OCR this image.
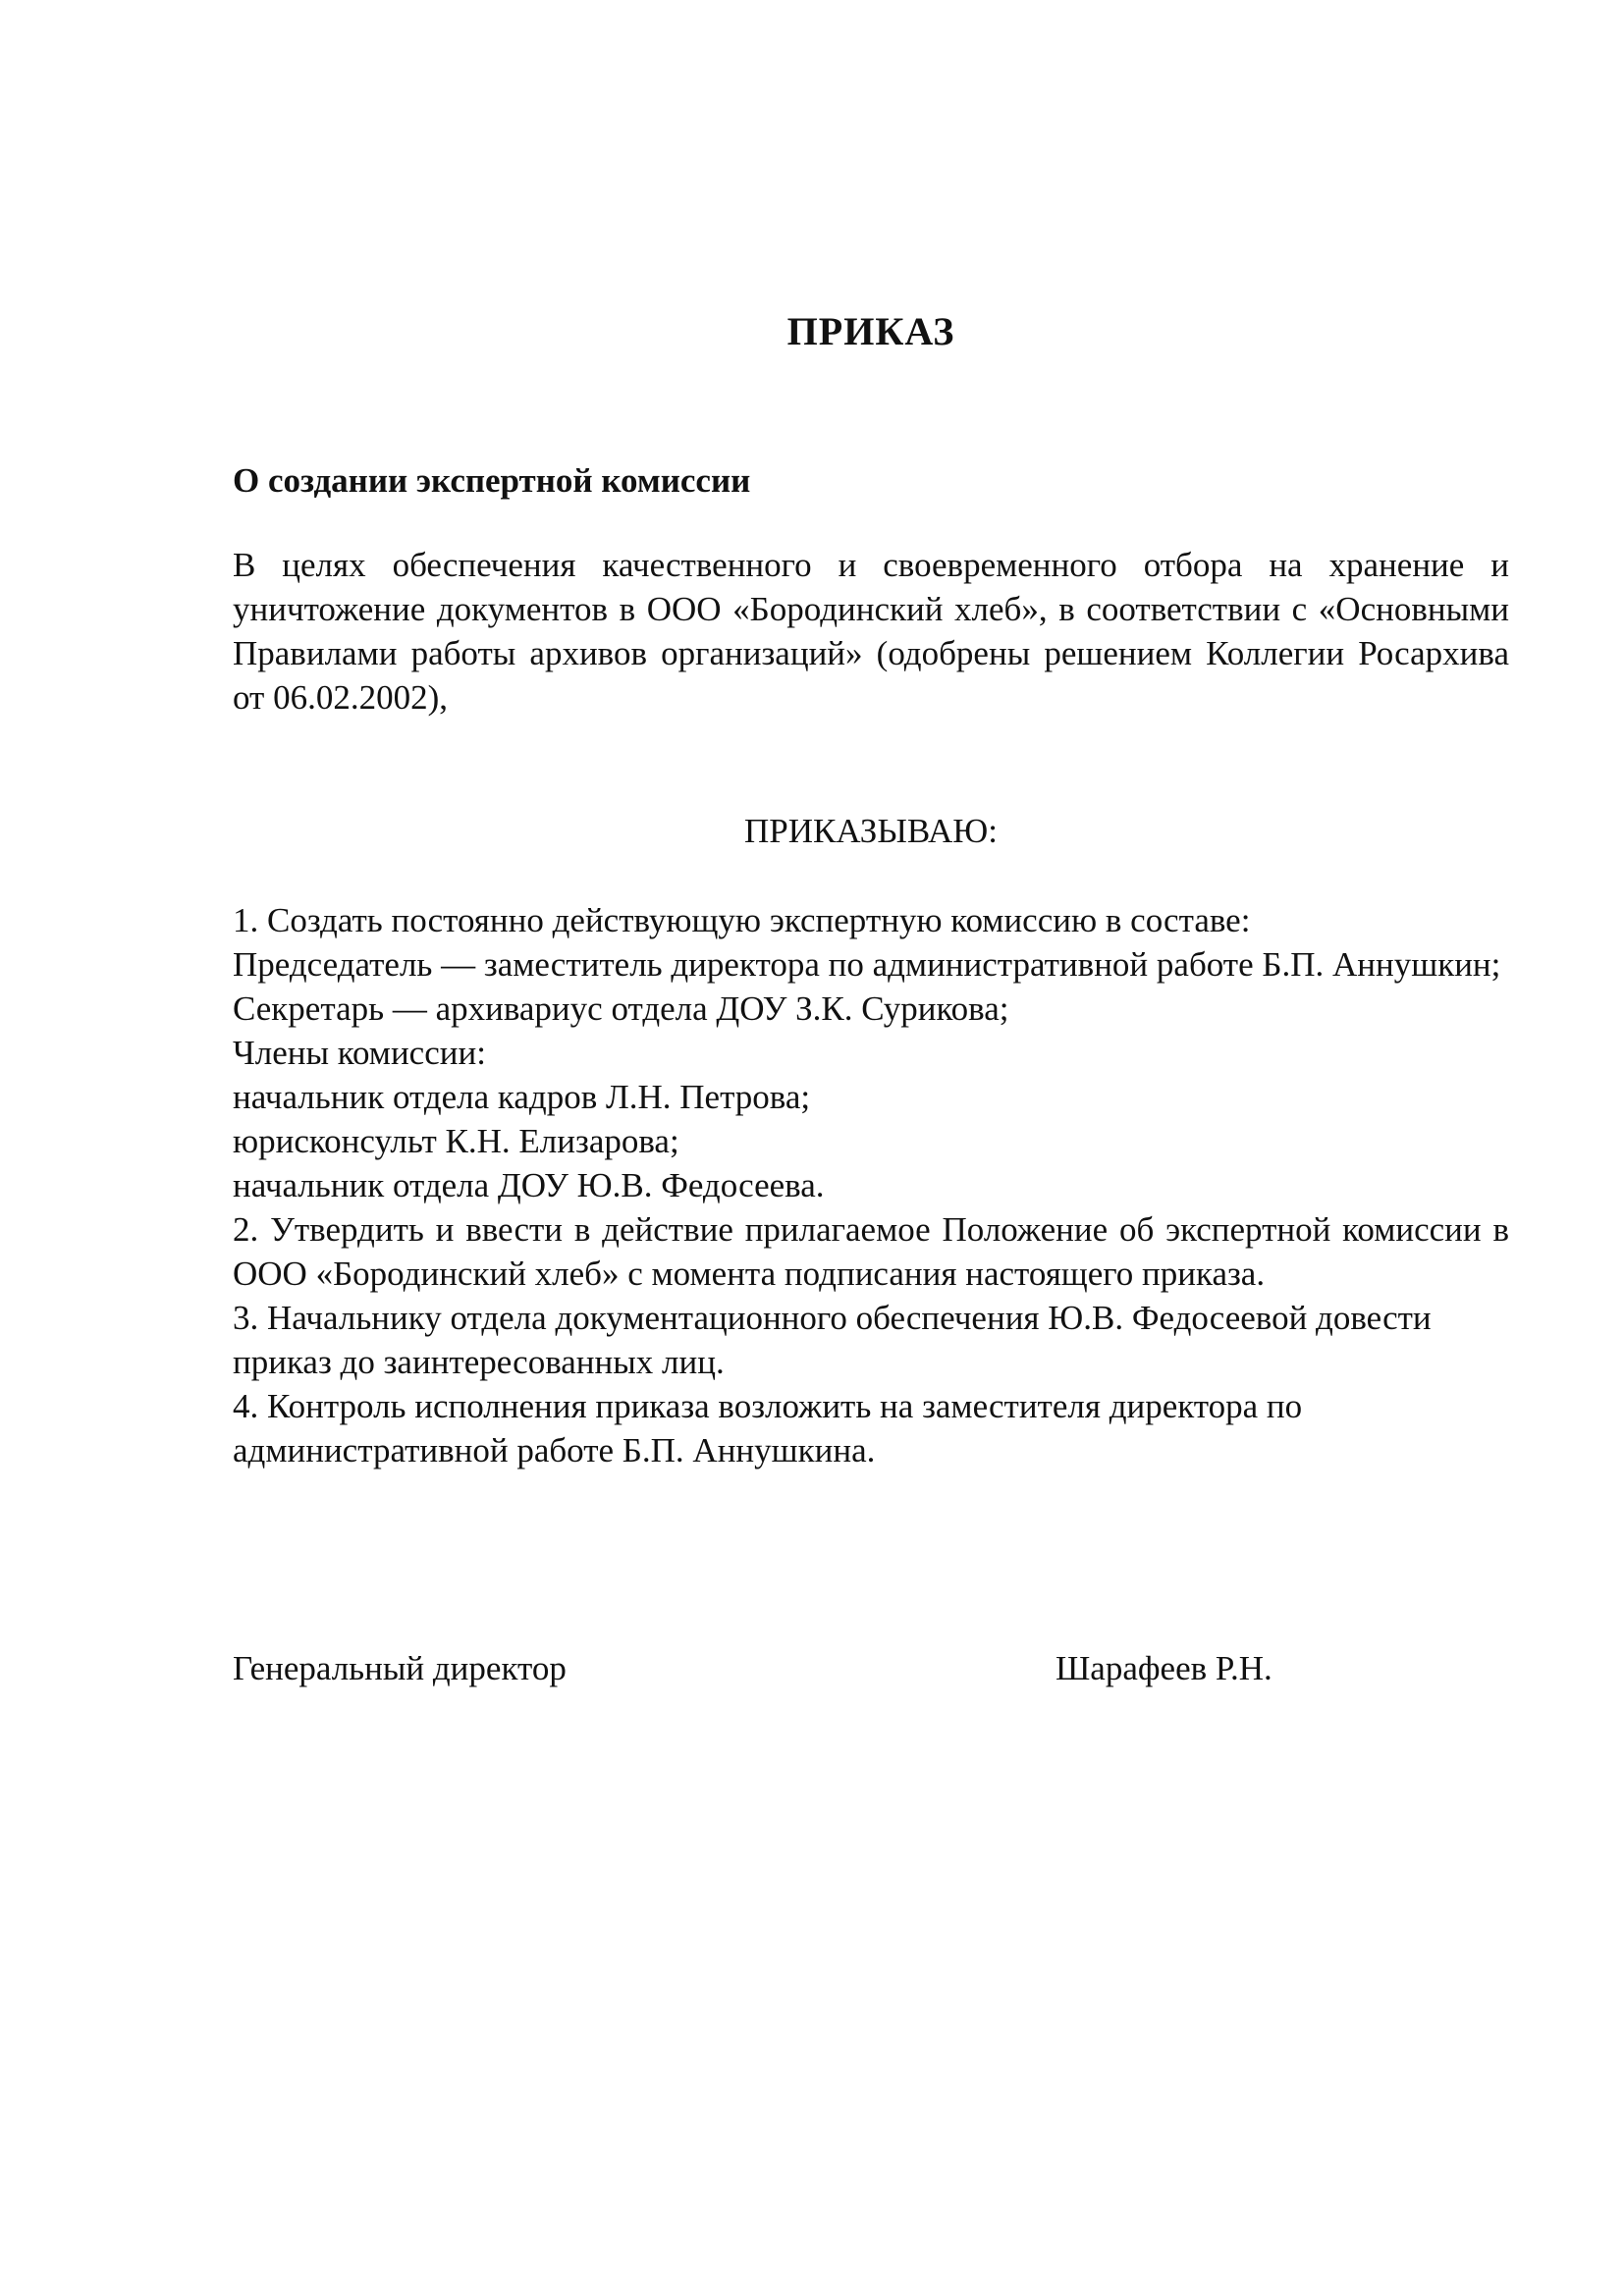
ПРИКАЗ
О создании экспертной комиссии
В целях обеспечения качественного и своевременного отбора на хранение и уничтожение документов в ООО «Бородинский хлеб», в соответствии с «Основными Правилами работы архивов организаций» (одобрены решением Коллегии Росархива от 06.02.2002),
ПРИКАЗЫВАЮ:
1. Создать постоянно действующую экспертную комиссию в составе:
Председатель — заместитель директора по административной работе Б.П. Аннушкин;
Секретарь — архивариус отдела ДОУ З.К. Сурикова;
Члены комиссии:
начальник отдела кадров Л.Н. Петрова;
юрисконсульт К.Н. Елизарова;
начальник отдела ДОУ Ю.В. Федосеева.
2. Утвердить и ввести в действие прилагаемое Положение об экспертной комиссии в ООО «Бородинский хлеб» с момента подписания настоящего приказа.
3. Начальнику отдела документационного обеспечения Ю.В. Федосеевой довести приказ до заинтересованных лиц.
4. Контроль исполнения приказа возложить на заместителя директора по административной работе Б.П. Аннушкина.
Генеральный директор	Шарафеев Р.Н.
